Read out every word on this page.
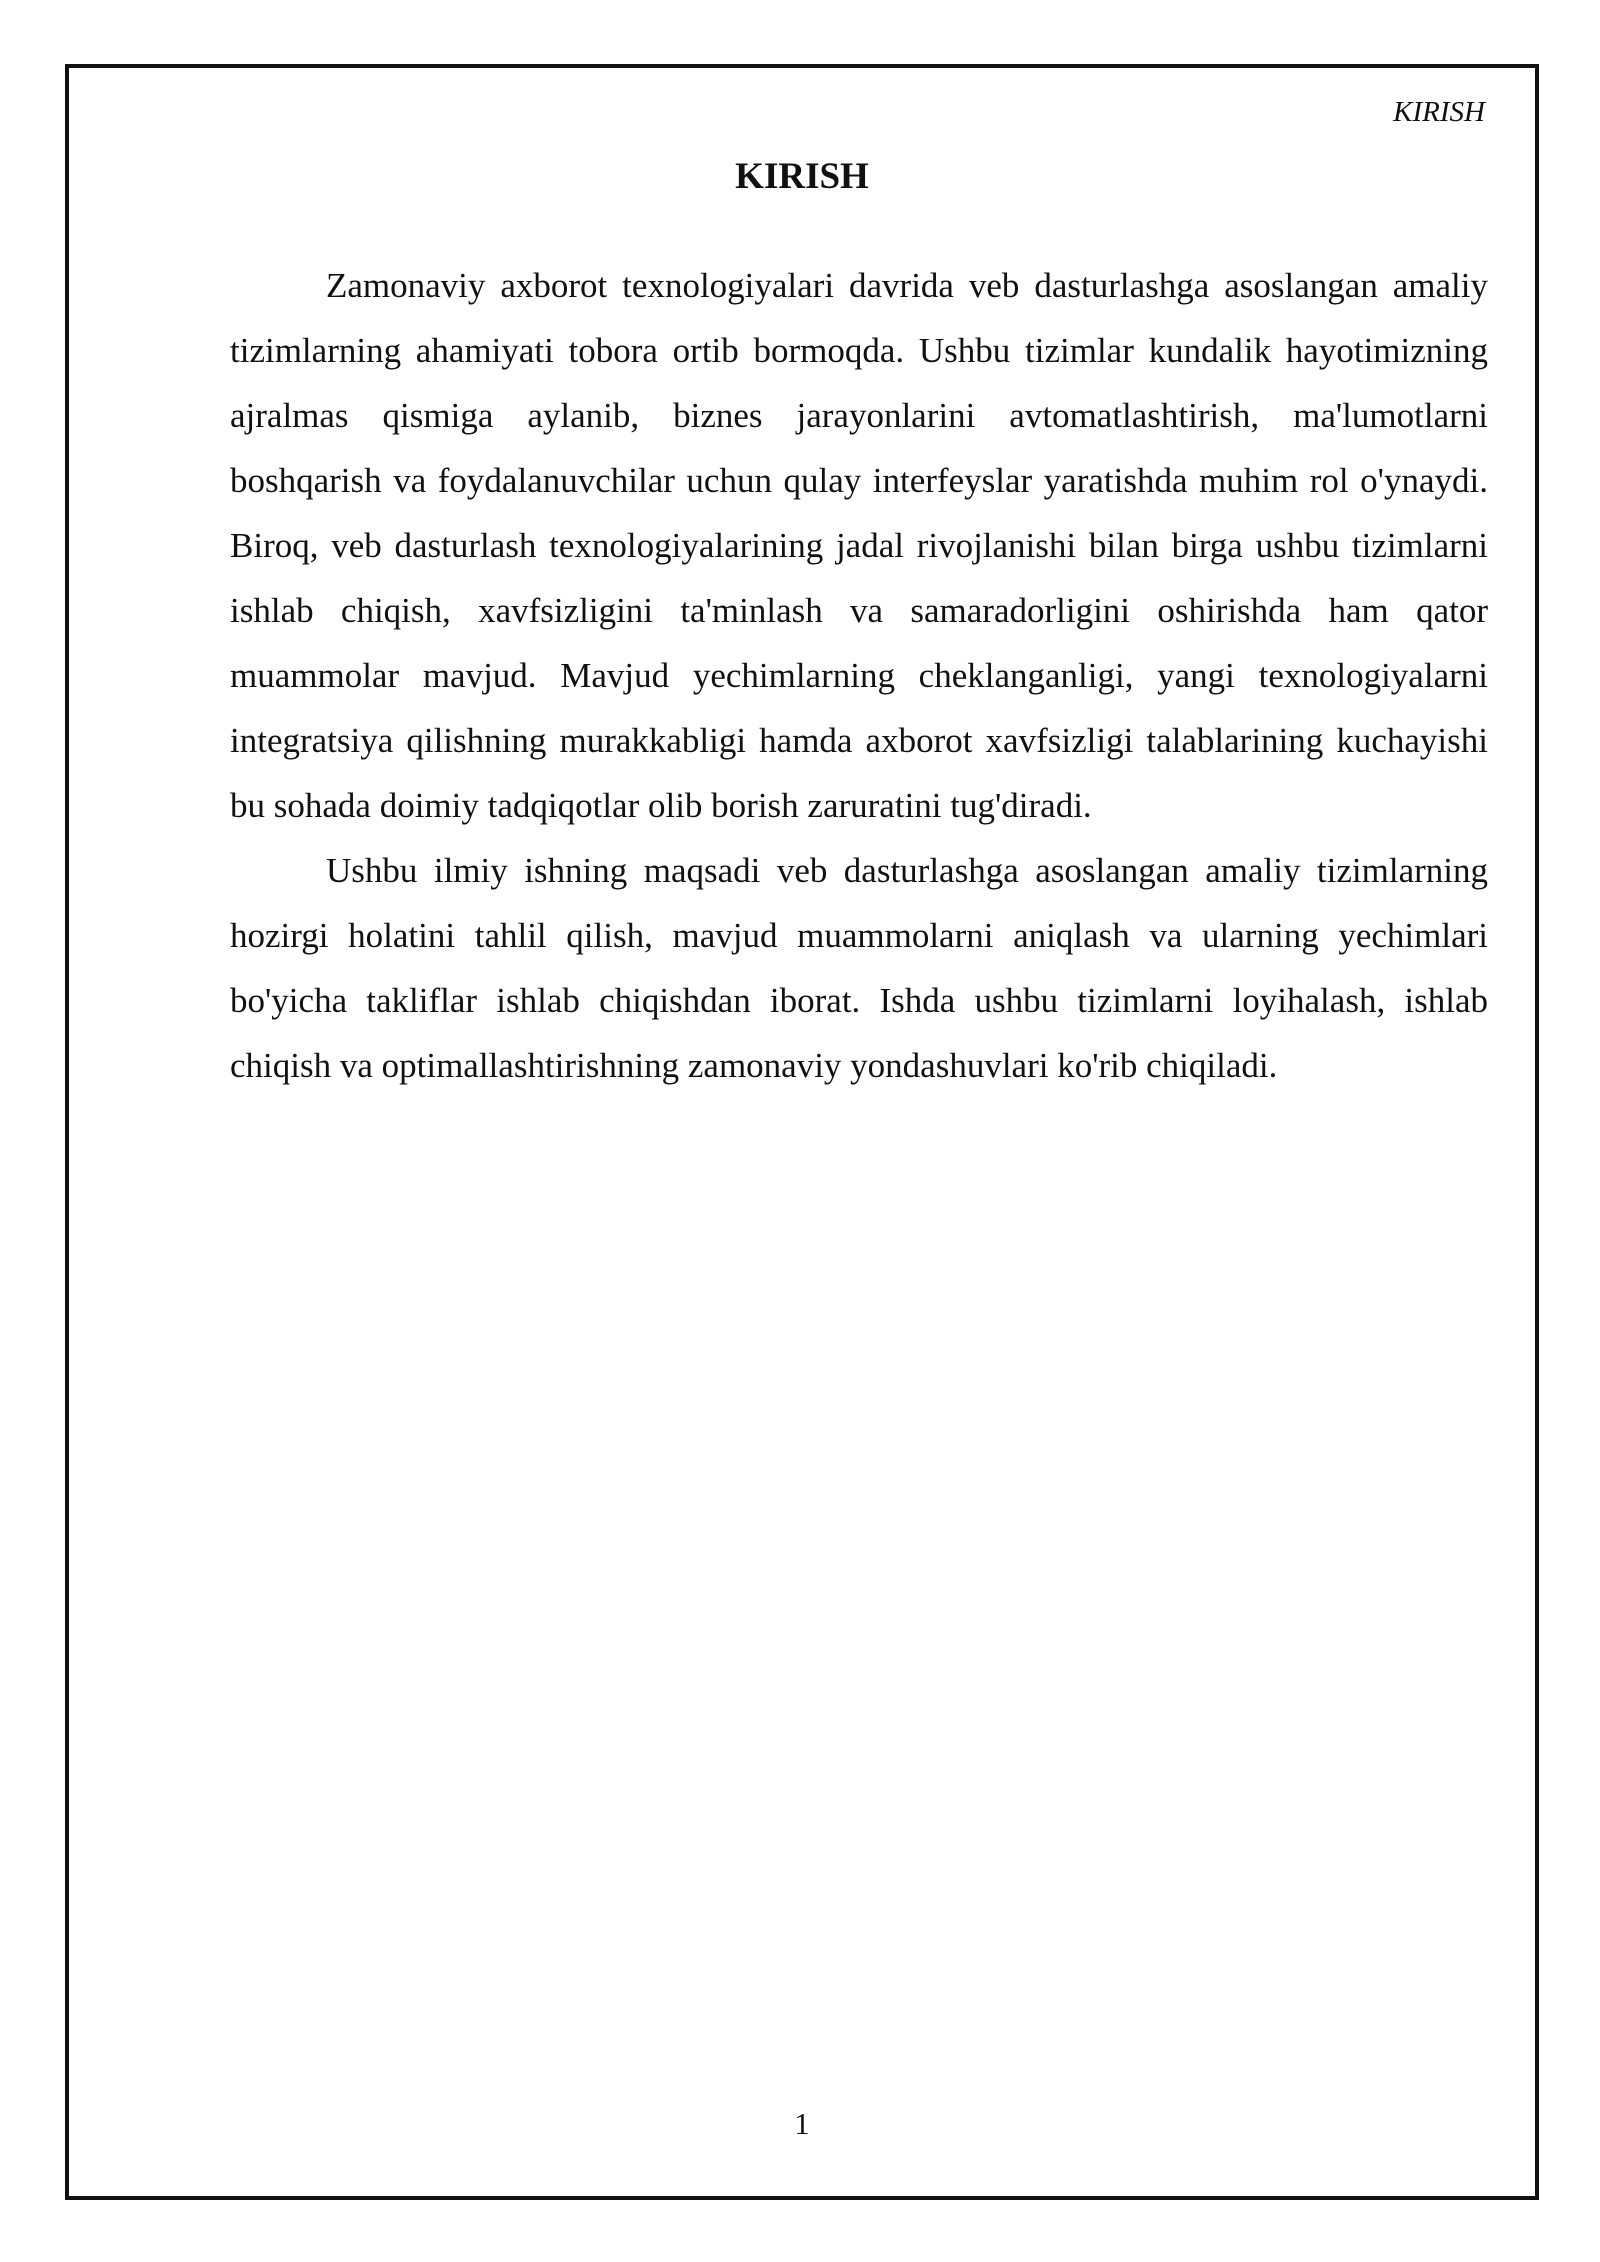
KIRISH
KIRISH

Zamonaviy axborot texnologiyalari davrida veb dasturlashga asoslangan amaliy tizimlarning ahamiyati tobora ortib bormoqda. Ushbu tizimlar kundalik hayotimizning ajralmas qismiga aylanib, biznes jarayonlarini avtomatlashtirish, ma'lumotlarni boshqarish va foydalanuvchilar uchun qulay interfeyslar yaratishda muhim rol o'ynaydi. Biroq, veb dasturlash texnologiyalarining jadal rivojlanishi bilan birga ushbu tizimlarni ishlab chiqish, xavfsizligini ta'minlash va samaradorligini oshirishda ham qator muammolar mavjud. Mavjud yechimlarning cheklanganligi, yangi texnologiyalarni integratsiya qilishning murakkabligi hamda axborot xavfsizligi talablarining kuchayishi bu sohada doimiy tadqiqotlar olib borish zaruratini tug'diradi.

Ushbu ilmiy ishning maqsadi veb dasturlashga asoslangan amaliy tizimlarning hozirgi holatini tahlil qilish, mavjud muammolarni aniqlash va ularning yechimlari bo'yicha takliflar ishlab chiqishdan iborat. Ishda ushbu tizimlarni loyihalash, ishlab chiqish va optimallashtirishning zamonaviy yondashuvlari ko'rib chiqiladi.

1
